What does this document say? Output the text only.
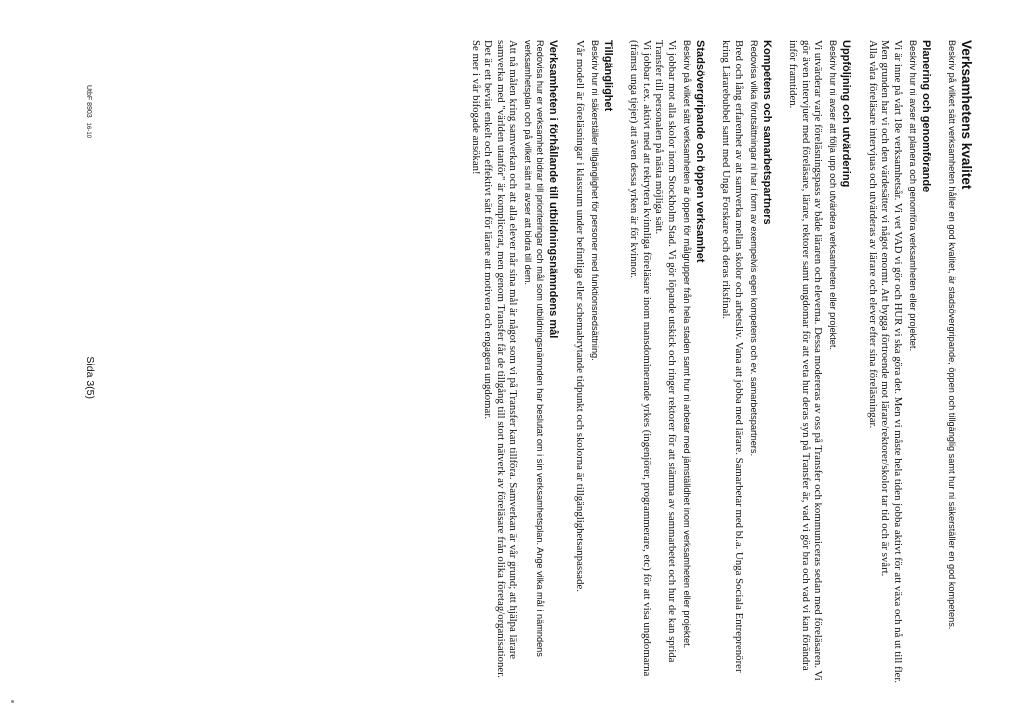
Verksamhetens kvalitet

Beskriv på vilket sätt verksamheten håller en god kvalitet, är stadsövergripande, öppen och tillgänglig samt hur ni säkerställer en god kompetens.

Planering och genomförande

Beskriv hur ni avser att planera och genomföra verksamheten eller projektet.

Vi är inne på vårt 18e verksamhetsår. Vi vet VAD vi gör och HUR vi ska göra det. Men vi måste hela tiden jobba aktivt för att växa och nå ut till fler. Men grunden har vi och den värdesätter vi något enormt. Att bygga förtroende mot lärare/rektorer/skolor tar tid och är svårt.
Alla våra föreläsare intervjuas och utvärderas av lärare och elever efter sina föreläsningar.

Uppföljning och utvärdering

Beskriv hur ni avser att följa upp och utvärdera verksamheten eller projektet.

Vi utvärderar varje föreläsningspass av både läraren och eleverna. Dessa modereras av oss på Transfer och kommuniceras sedan med föreläsaren. Vi gör även intervjuer med föreläsare, lärare, rektorer samt ungdomar för att veta hur deras syn på Transfer är, vad vi gör bra och vad vi kan förändra inför framtiden.

Kompetens och samarbetspartners

Redovisa vilka förutsättningar ni har i form av exempelvis egen kompetens och ev. samarbetspartners.

Bred och lång erfarenhet av att samverka mellan skolor och arbetsliv. Vana att jobba med lärare. Samarbetar med bl.a. Unga Sociala Entreprenörer kring Lärarebubbel samt med Unga Forskare och deras riksfinal.

Stadsövergripande och öppen verksamhet

Beskriv på vilket sätt verksamheten är öppen för målgrupper från hela staden samt hur ni arbetar med jämställdhet inom verksamheten eller projektet.

Vi jobbar mot alla skolor inom Stockholm Stad. Vi gör löpande utskick och ringer rektorer för att stämma av sammarbetet och hur de kan sprida Transfer till personalen på nästa möjliga sätt.
Vi jobbar t.ex. aktivt med att rekrytera kvinnliga föreläsare inom mansdominerande yrkes (ingenjörer, programmerare, etc) för att visa ungdomarna (främst unga tjejer) att även dessa yrken är för kvinnor.

Tillgänglighet

Beskriv hur ni säkerställer tillgänglighet för personer med funktionsnedsättning.

Vår modell är föreläsningar i klassrum under befintliga eller schemabrytande tidpunkt och skolorna är tillgänglighetsanpassade.

Verksamheten i förhållande till utbildningsnämndens mål

Redovisa hur er verksamhet bidrar till prioriteringar och mål som utbildningsnämnden har beslutat om i sin verksamhetsplan. Ange vilka mål i nämndens verksamhetsplan och på vilket sätt ni avser att bidra till dem.

Att nå målen kring samverkan och att alla elever når sina mål är något som vi på Transfer kan tillföra. Samverkan är vår grund; att hjälpa lärare samverka med "världen utanför" är komplicerat, men genom Transfer får de tillgång till stort nätverk av föreläsare från olika företag/organisationer. Det är ett beviat enkelt och effektivt sätt för lärare att motivera och engagera ungdomar.
Se mer i vår bifogade ansökan!

UtbF 8903 16-10
Sida 3(5)
